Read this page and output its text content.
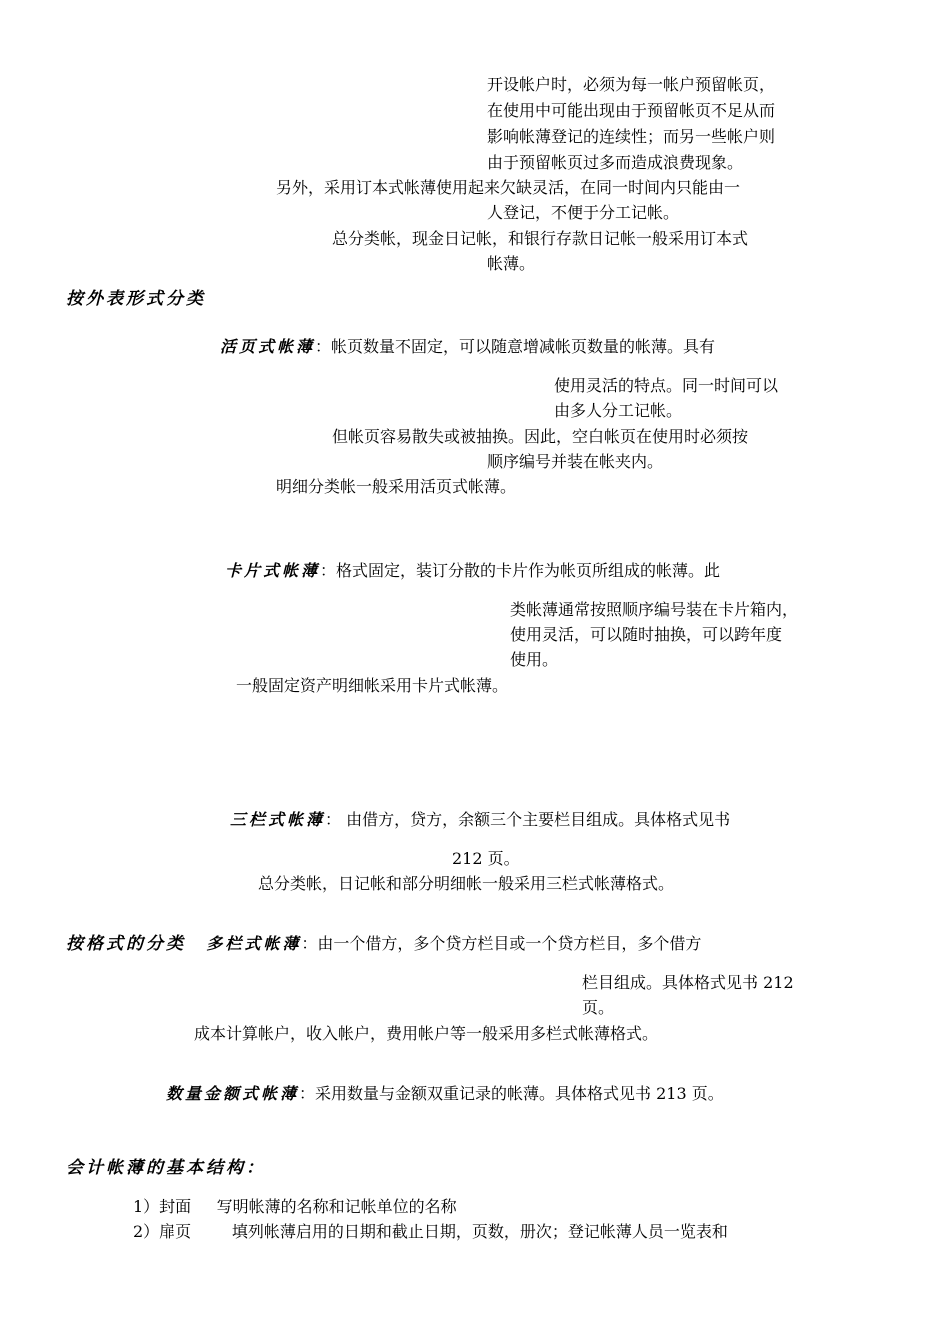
开设帐户时，必须为每一帐户预留帐页，
在使用中可能出现由于预留帐页不足从而
影响帐薄登记的连续性；而另一些帐户则
由于预留帐页过多而造成浪费现象。
另外，采用订本式帐薄使用起来欠缺灵活，在同一时间内只能由一
人登记，不便于分工记帐。
总分类帐，现金日记帐，和银行存款日记帐一般采用订本式
帐薄。
按外表形式分类
活页式帐薄：帐页数量不固定，可以随意增减帐页数量的帐薄。具有
使用灵活的特点。同一时间可以
由多人分工记帐。
但帐页容易散失或被抽换。因此，空白帐页在使用时必须按
顺序编号并装在帐夹内。
明细分类帐一般采用活页式帐薄。
卡片式帐薄：格式固定，装订分散的卡片作为帐页所组成的帐薄。此
类帐薄通常按照顺序编号装在卡片箱内，
使用灵活，可以随时抽换，可以跨年度
使用。
一般固定资产明细帐采用卡片式帐薄。
三栏式帐薄： 由借方，贷方，余额三个主要栏目组成。具体格式见书
212 页。
总分类帐，日记帐和部分明细帐一般采用三栏式帐薄格式。
按格式的分类 多栏式帐薄：由一个借方，多个贷方栏目或一个贷方栏目，多个借方
栏目组成。具体格式见书 212
页。
成本计算帐户，收入帐户，费用帐户等一般采用多栏式帐薄格式。
数量金额式帐薄：采用数量与金额双重记录的帐薄。具体格式见书 213 页。
会计帐薄的基本结构：
1）封面 写明帐薄的名称和记帐单位的名称
2）扉页	填列帐薄启用的日期和截止日期，页数，册次；登记帐薄人员一览表和
